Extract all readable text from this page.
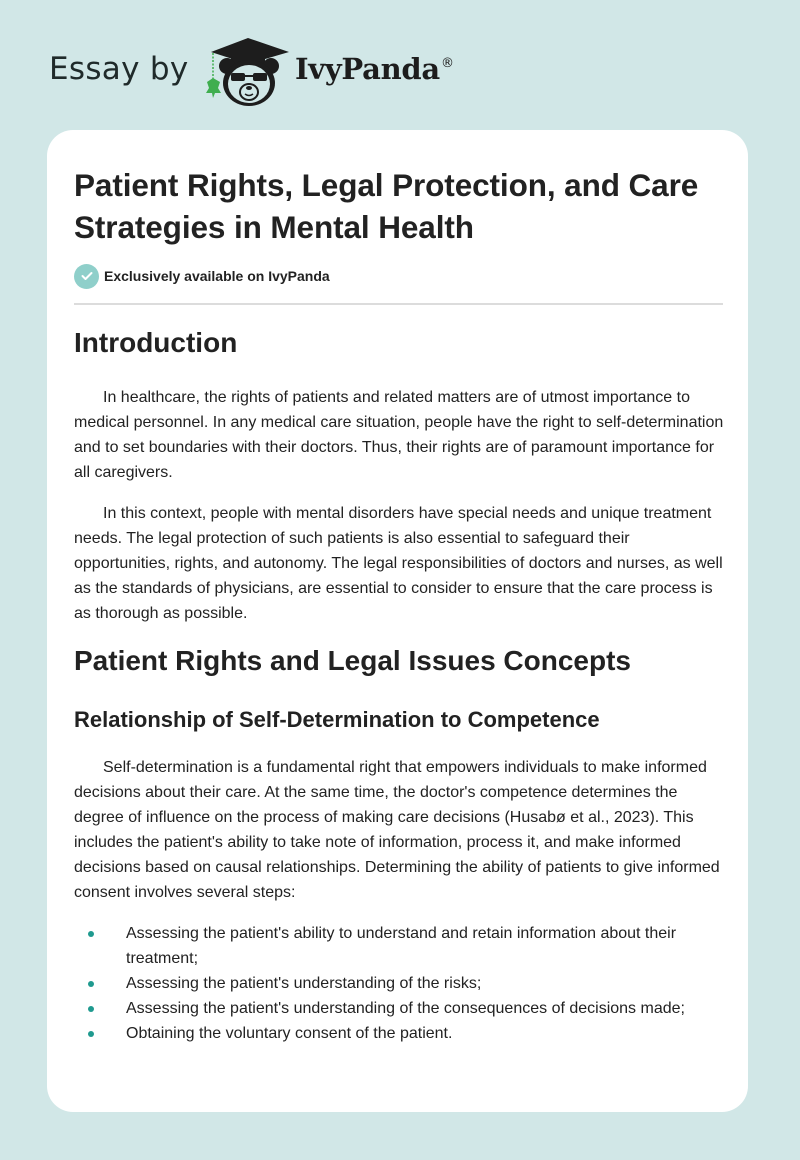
Essay by	IvyPanda ®
Patient Rights, Legal Protection, and Care Strategies in Mental Health
Exclusively available on IvyPanda
Introduction

In healthcare, the rights of patients and related matters are of utmost importance to medical personnel. In any medical care situation, people have the right to self-determination and to set boundaries with their doctors. Thus, their rights are of paramount importance for all caregivers.

In this context, people with mental disorders have special needs and unique treatment needs. The legal protection of such patients is also essential to safeguard their opportunities, rights, and autonomy. The legal responsibilities of doctors and nurses, as well as the standards of physicians, are essential to consider to ensure that the care process is as thorough as possible.

Patient Rights and Legal Issues Concepts
Relationship of Self-Determination to Competence

Self-determination is a fundamental right that empowers individuals to make informed decisions about their care. At the same time, the doctor's competence determines the degree of influence on the process of making care decisions (Husabø et al., 2023). This includes the patient's ability to take note of information, process it, and make informed decisions based on causal relationships. Determining the ability of patients to give informed consent involves several steps:

Assessing the patient's ability to understand and retain information about their treatment;
Assessing the patient's understanding of the risks;
Assessing the patient's understanding of the consequences of decisions made;
Obtaining the voluntary consent of the patient.
